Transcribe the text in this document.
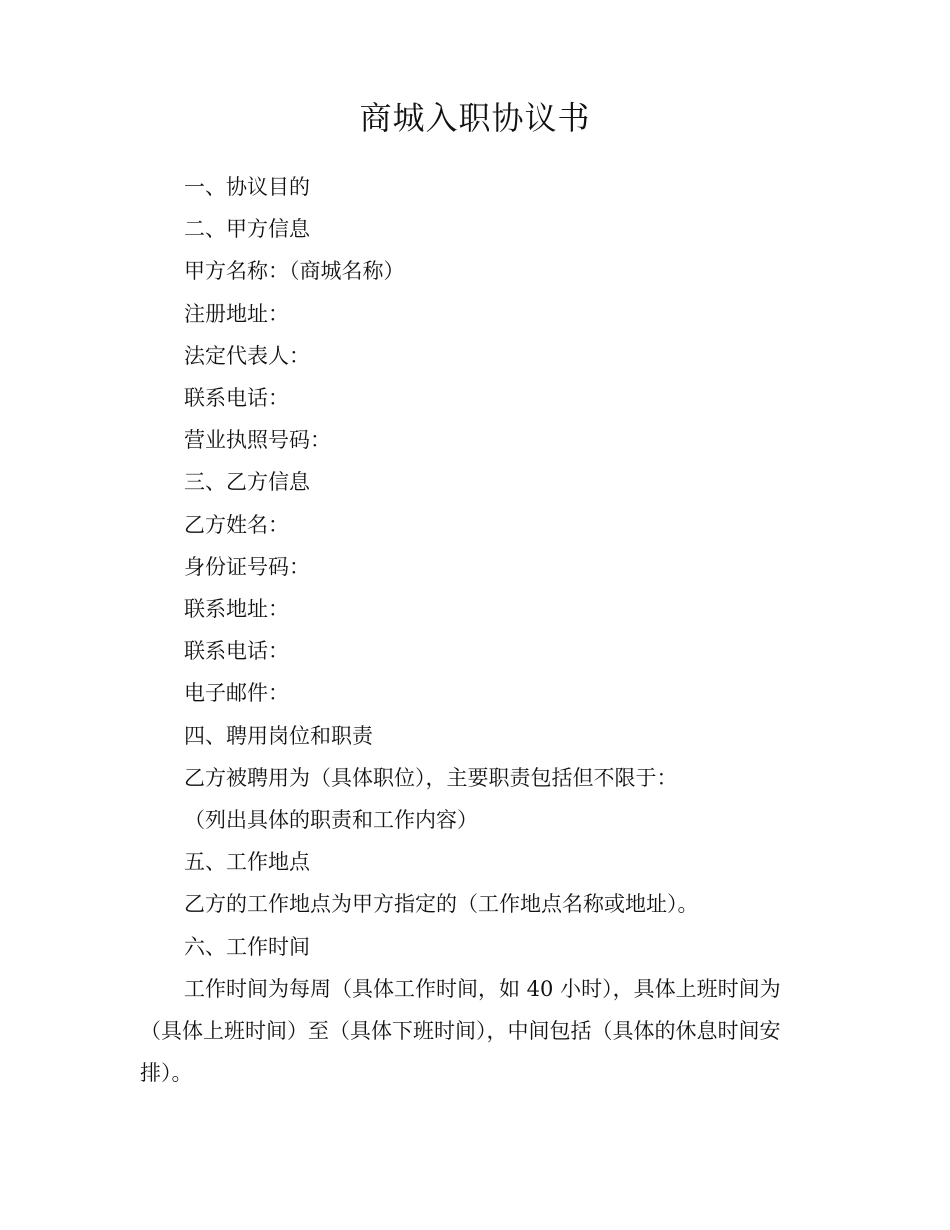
商城入职协议书

一、协议目的

二、甲方信息

甲方名称：（商城名称）

注册地址：

法定代表人：

联系电话：

营业执照号码：

三、乙方信息

乙方姓名：

身份证号码：

联系地址：

联系电话：

电子邮件：

四、聘用岗位和职责

乙方被聘用为（具体职位），主要职责包括但不限于：

（列出具体的职责和工作内容）

五、工作地点

乙方的工作地点为甲方指定的（工作地点名称或地址）。

六、工作时间

工作时间为每周（具体工作时间，如 40 小时），具体上班时间为（具体上班时间）至（具体下班时间），中间包括（具体的休息时间安排）。
